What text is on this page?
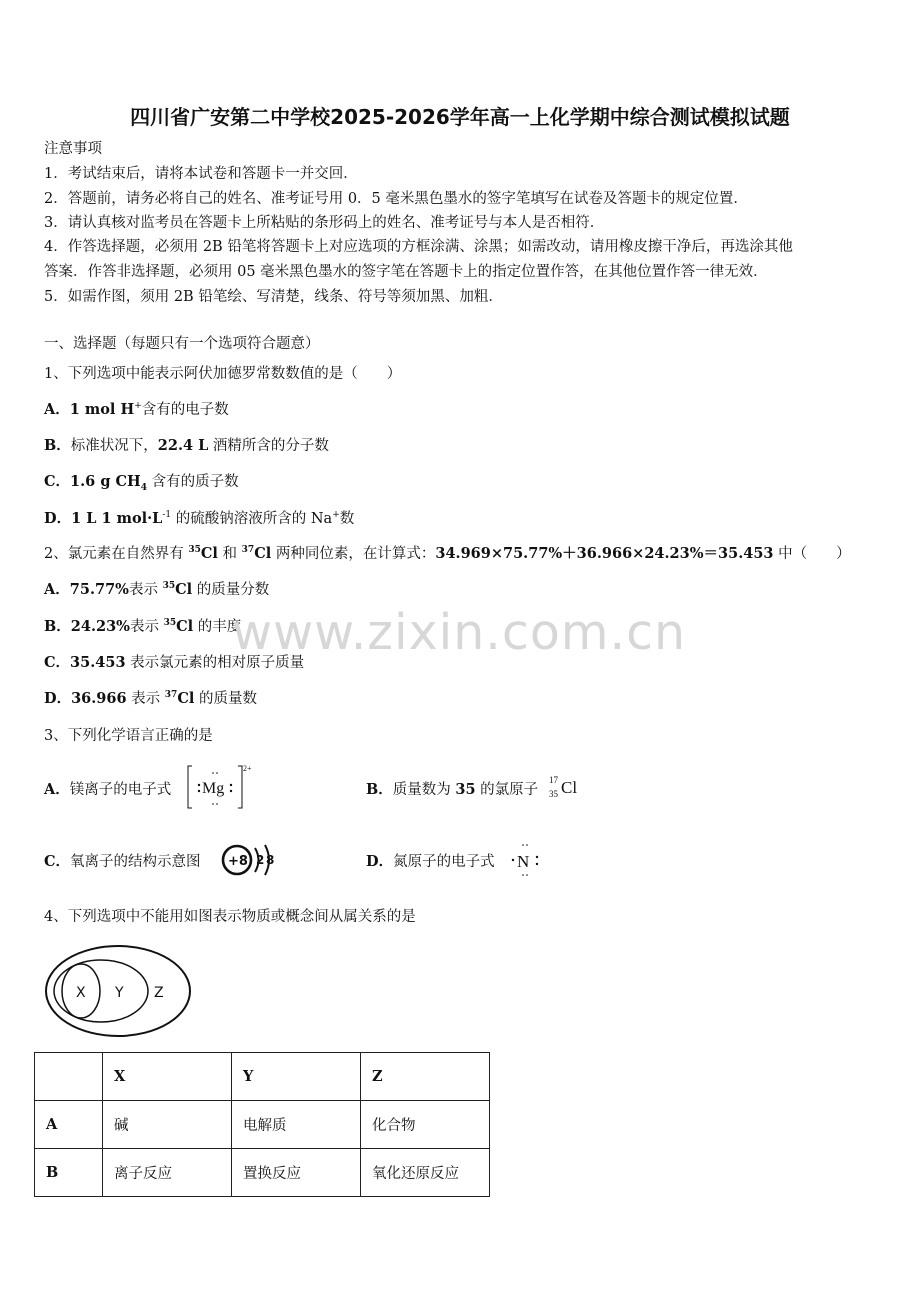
四川省广安第二中学校2025-2026学年高一上化学期中综合测试模拟试题
注意事项
1．考试结束后，请将本试卷和答题卡一并交回．
2．答题前，请务必将自己的姓名、准考证号用 0．5 毫米黑色墨水的签字笔填写在试卷及答题卡的规定位置．
3．请认真核对监考员在答题卡上所粘贴的条形码上的姓名、准考证号与本人是否相符．
4．作答选择题，必须用 2B 铅笔将答题卡上对应选项的方框涂满、涂黑；如需改动，请用橡皮擦干净后，再选涂其他
答案．作答非选择题，必须用 05 毫米黑色墨水的签字笔在答题卡上的指定位置作答，在其他位置作答一律无效．
5．如需作图，须用 2B 铅笔绘、写清楚，线条、符号等须加黑、加粗．
一、选择题（每题只有一个选项符合题意）
1、下列选项中能表示阿伏加德罗常数数值的是（　　）
A．1 mol H+含有的电子数
B．标准状况下，22.4 L 酒精所含的分子数
C．1.6 g $CH_4$ 含有的质子数
D．1 L 1 $mol\cdot L^{-1}$ 的硫酸钠溶液所含的 Na+数
2、氯元素在自然界有 $^{35}$Cl 和 $^{37}$Cl 两种同位素，在计算式：34.969×75.77%＋36.966×24.23%＝35.453 中（　　）
A．75.77%表示 $^{35}$Cl 的质量分数
B．24.23%表示 $^{35}$Cl 的丰度
C．35.453 表示氯元素的相对原子质量
D．36.966 表示 $^{37}$Cl 的质量数
3、下列化学语言正确的是
A．镁离子的电子式 Mg
2+
B．质量数为 35 的氯原子
17
35 Cl
C．氧离子的结构示意图 +8 2 8	D．氮原子的电子式 N
4、下列选项中不能用如图表示物质或概念间从属关系的是
X Y Z
	X	Y	Z
A	碱	电解质	化合物
B	离子反应	置换反应	氧化还原反应
www.zixin.com.cn
